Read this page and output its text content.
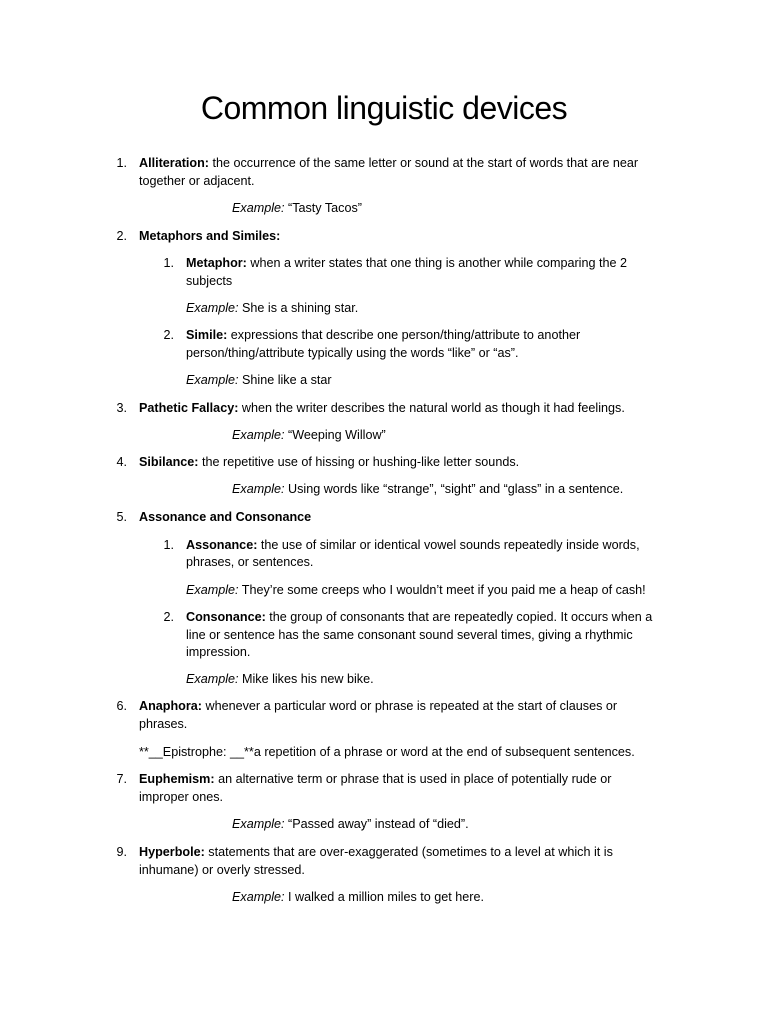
Common linguistic devices
1. Alliteration: the occurrence of the same letter or sound at the start of words that are near
together or adjacent.
Example: “Tasty Tacos”
2. Metaphors and Similes:
1. Metaphor: when a writer states that one thing is another while comparing the 2
subjects
Example: She is a shining star.
2. Simile: expressions that describe one person/thing/attribute to another
person/thing/attribute typically using the words “like” or “as”.
Example: Shine like a star
3. Pathetic Fallacy: when the writer describes the natural world as though it had feelings.
Example: “Weeping Willow”
4. Sibilance: the repetitive use of hissing or hushing-like letter sounds.
Example: Using words like “strange”, “sight” and “glass” in a sentence.
5. Assonance and Consonance
1. Assonance: the use of similar or identical vowel sounds repeatedly inside words,
phrases, or sentences.
Example: They’re some creeps who I wouldn’t meet if you paid me a heap of cash!
2. Consonance: the group of consonants that are repeatedly copied. It occurs when a
line or sentence has the same consonant sound several times, giving a rhythmic
impression.
Example: Mike likes his new bike.
6. Anaphora: whenever a particular word or phrase is repeated at the start of clauses or
phrases.
**__Epistrophe: __**a repetition of a phrase or word at the end of subsequent sentences.
7. Euphemism: an alternative term or phrase that is used in place of potentially rude or
improper ones.
Example: “Passed away” instead of “died”.
9. Hyperbole: statements that are over-exaggerated (sometimes to a level at which it is
inhumane) or overly stressed.
Example: I walked a million miles to get here.
